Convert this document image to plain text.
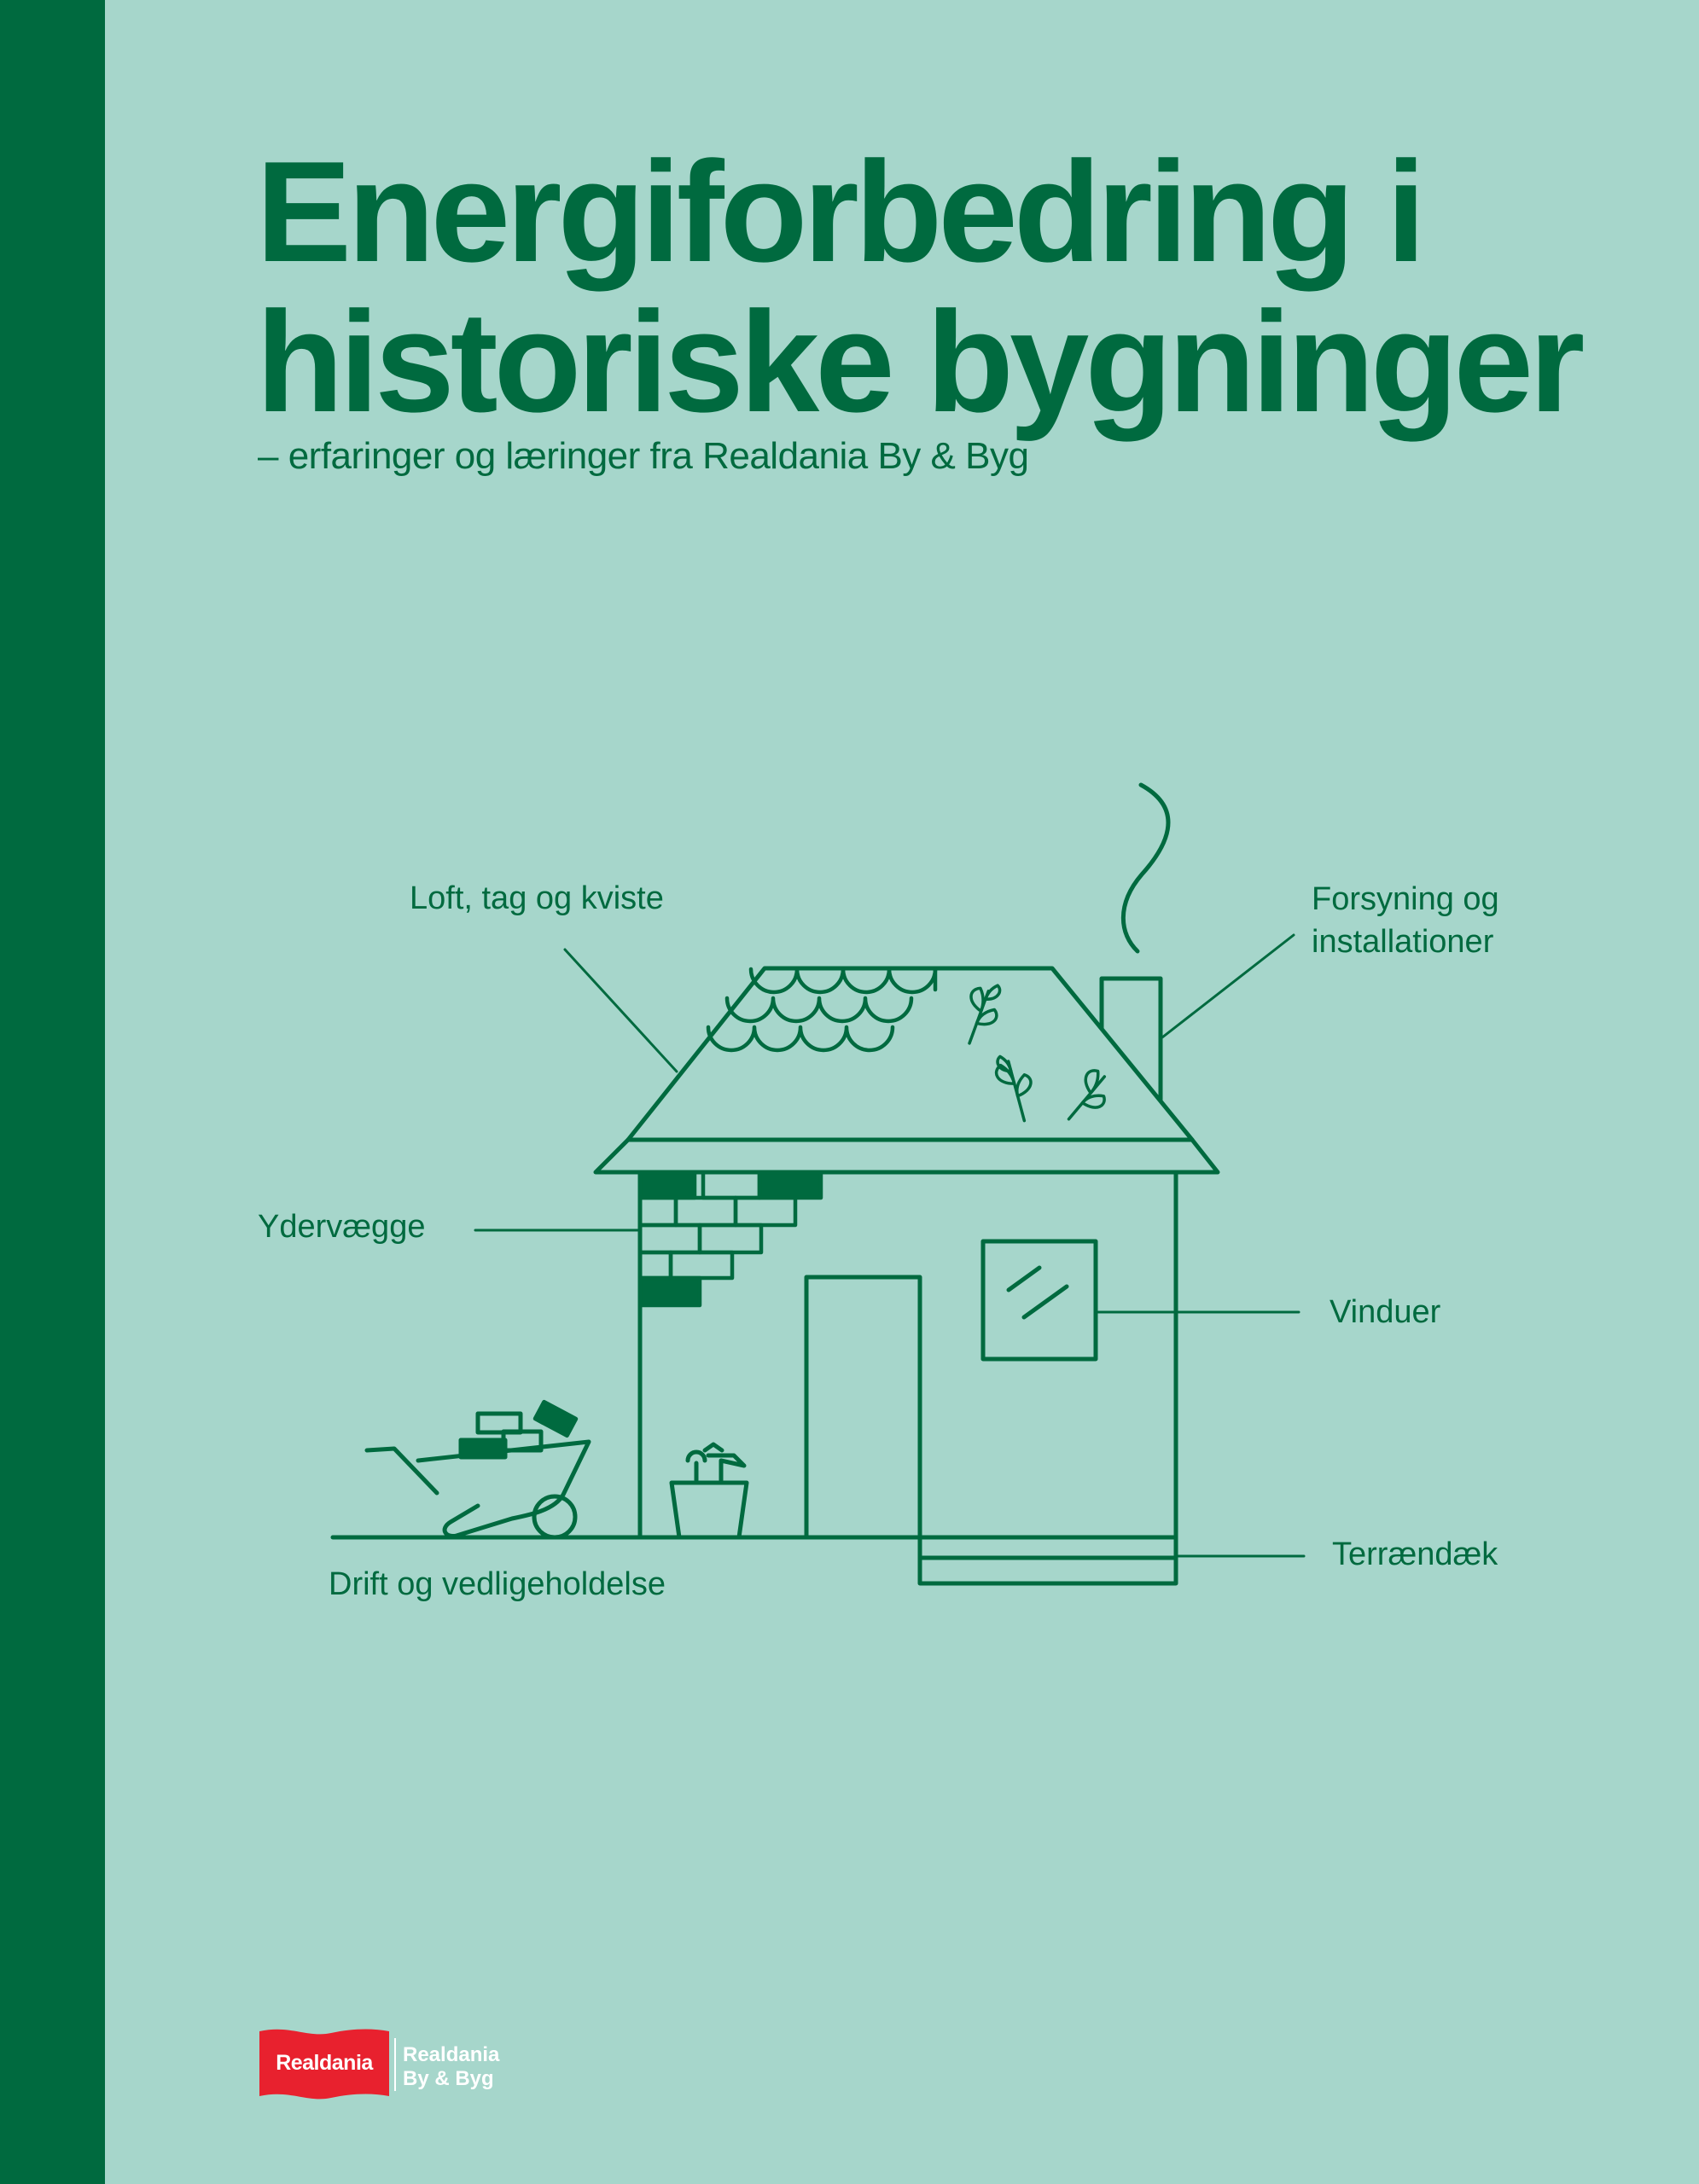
Energiforbedring i
historiske bygninger
– erfaringer og læringer fra Realdania By & Byg
Loft, tag og kviste	Forsyning og
installationer
Ydervægge
Vinduer
Terrændæk
Drift og vedligeholdelse
Realdania	Realdania
By & Byg
